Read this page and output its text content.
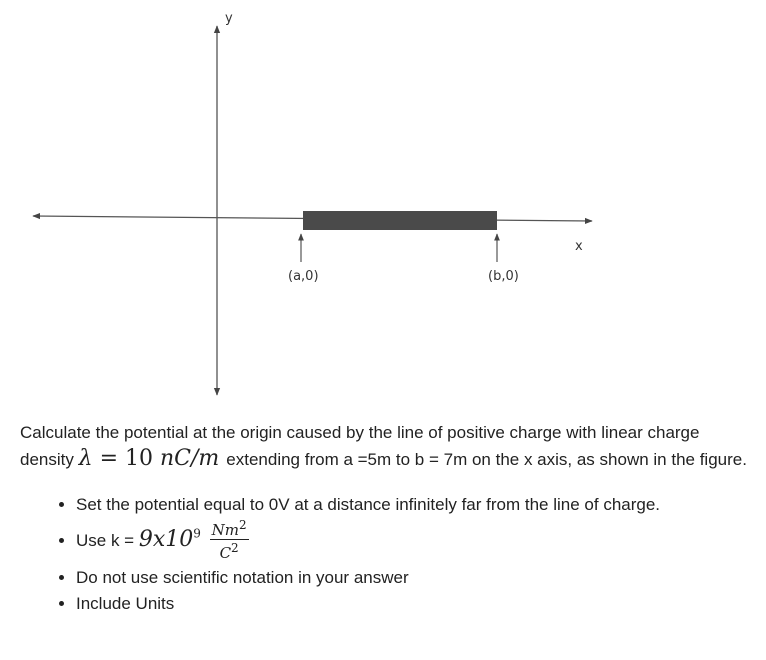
y
x
(a,0)	(b,0)

Calculate the potential at the origin caused by the line of positive charge with linear charge density λ = 10 nC/m extending from a =5m to b = 7m on the x axis, as shown in the figure.

• Set the potential equal to 0V at a distance infinitely far from the line of charge.
• Use $k = 9x10^9 \frac{Nm^2}{C^2}$
• Do not use scientific notation in your answer
• Include Units
